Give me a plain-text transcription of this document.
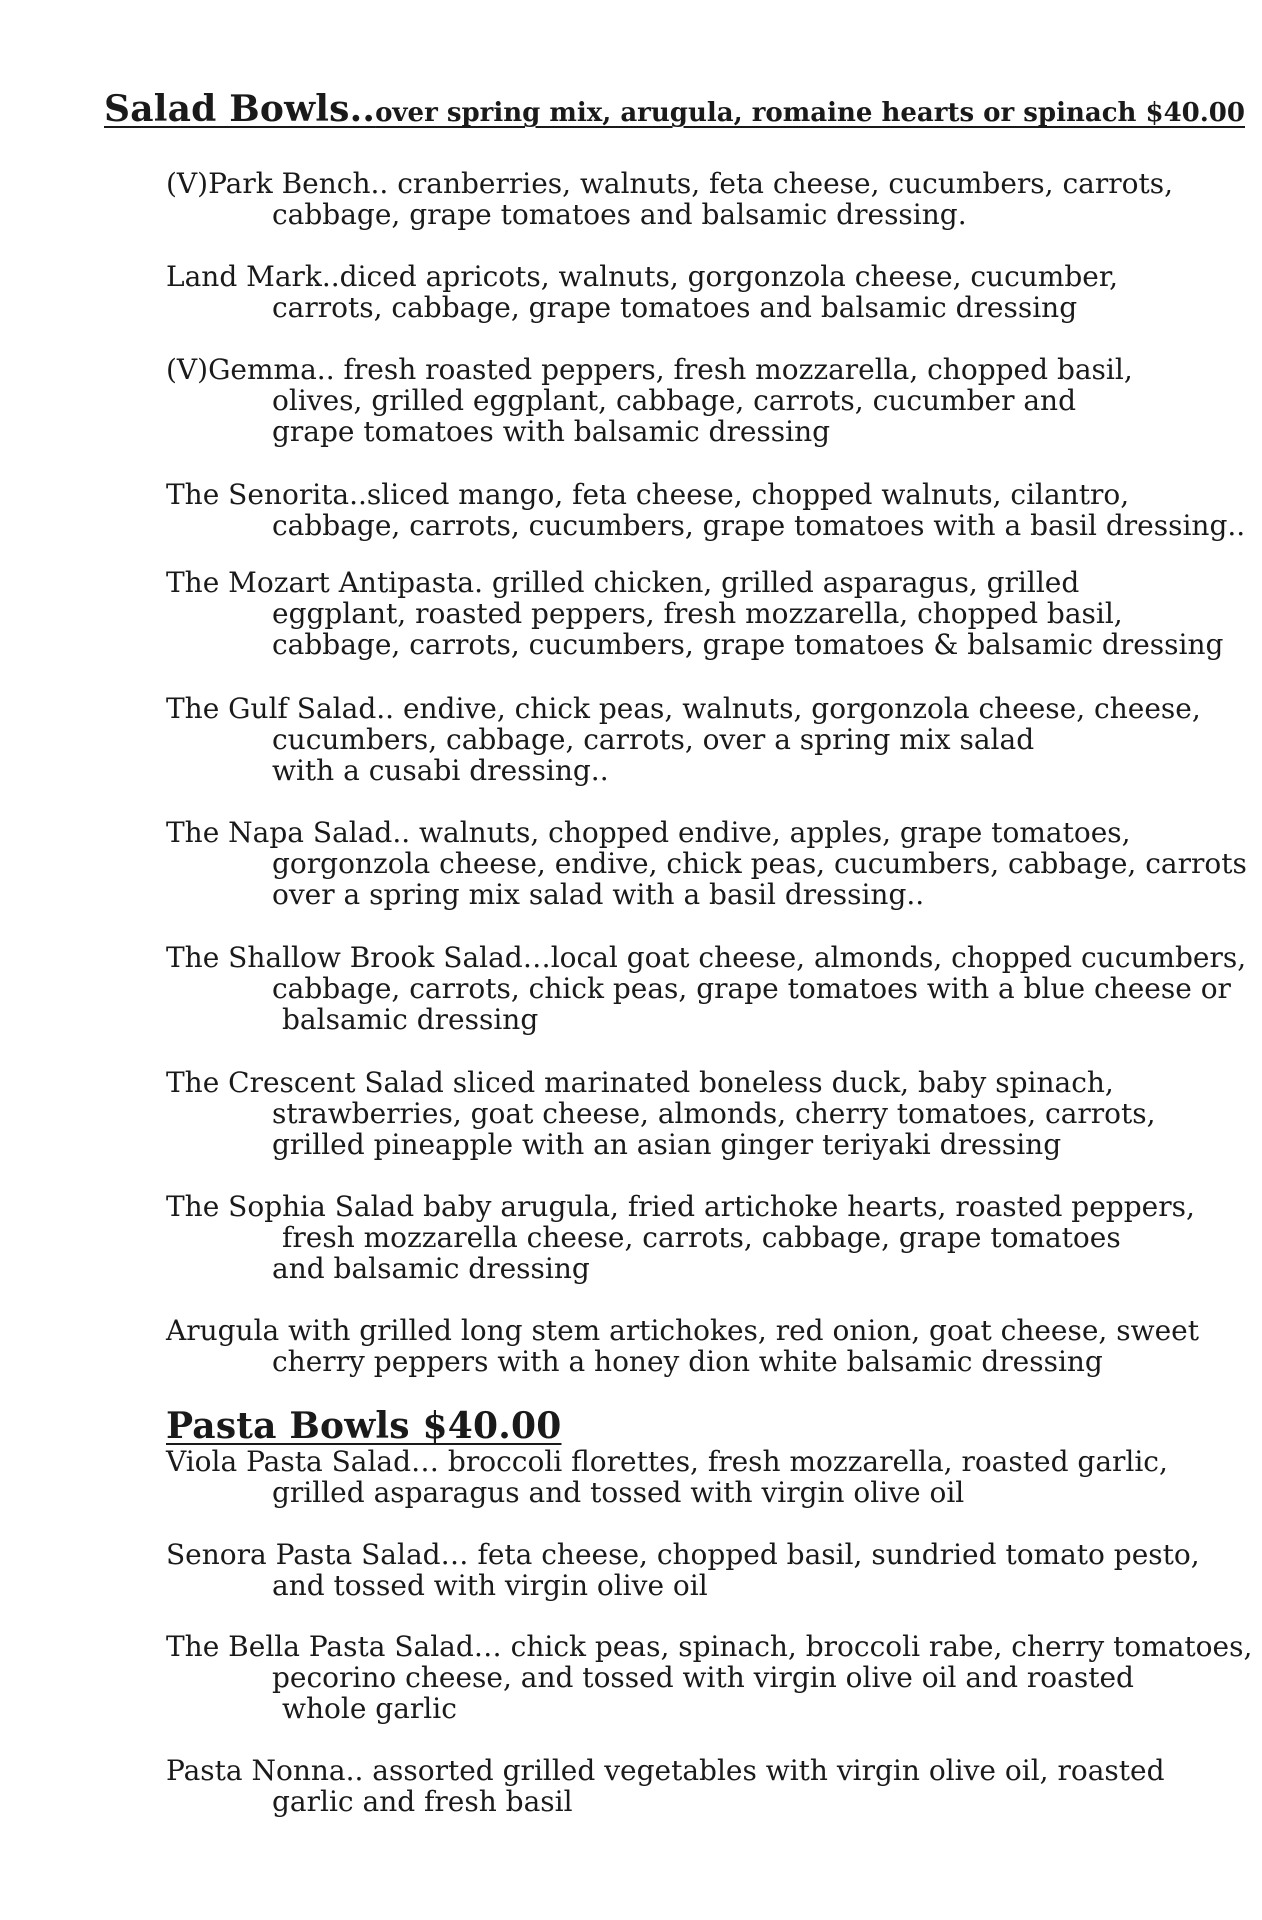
Salad Bowls..over spring mix, arugula, romaine hearts or spinach $40.00
(V)Park Bench.. cranberries, walnuts, feta cheese, cucumbers, carrots,
cabbage, grape tomatoes and balsamic dressing.
Land Mark..diced apricots, walnuts, gorgonzola cheese, cucumber,
carrots, cabbage, grape tomatoes and balsamic dressing
(V)Gemma.. fresh roasted peppers, fresh mozzarella, chopped basil,
olives, grilled eggplant, cabbage, carrots, cucumber and
grape tomatoes with balsamic dressing
The Senorita..sliced mango, feta cheese, chopped walnuts, cilantro,
cabbage, carrots, cucumbers, grape tomatoes with a basil dressing..
The Mozart Antipasta. grilled chicken, grilled asparagus, grilled
eggplant, roasted peppers, fresh mozzarella, chopped basil,
cabbage, carrots, cucumbers, grape tomatoes & balsamic dressing
The Gulf Salad.. endive, chick peas, walnuts, gorgonzola cheese, cheese,
cucumbers, cabbage, carrots, over a spring mix salad
with a cusabi dressing..
The Napa Salad.. walnuts, chopped endive, apples, grape tomatoes,
gorgonzola cheese, endive, chick peas, cucumbers, cabbage, carrots
over a spring mix salad with a basil dressing..
The Shallow Brook Salad…local goat cheese, almonds, chopped cucumbers,
cabbage, carrots, chick peas, grape tomatoes with a blue cheese or
balsamic dressing
The Crescent Salad sliced marinated boneless duck, baby spinach,
strawberries, goat cheese, almonds, cherry tomatoes, carrots,
grilled pineapple with an asian ginger teriyaki dressing
The Sophia Salad baby arugula, fried artichoke hearts, roasted peppers,
fresh mozzarella cheese, carrots, cabbage, grape tomatoes
and balsamic dressing
Arugula with grilled long stem artichokes, red onion, goat cheese, sweet
cherry peppers with a honey dion white balsamic dressing
Pasta Bowls $40.00
Viola Pasta Salad… broccoli florettes, fresh mozzarella, roasted garlic,
grilled asparagus and tossed with virgin olive oil
Senora Pasta Salad… feta cheese, chopped basil, sundried tomato pesto,
and tossed with virgin olive oil
The Bella Pasta Salad… chick peas, spinach, broccoli rabe, cherry tomatoes,
pecorino cheese, and tossed with virgin olive oil and roasted
whole garlic
Pasta Nonna.. assorted grilled vegetables with virgin olive oil, roasted
garlic and fresh basil
